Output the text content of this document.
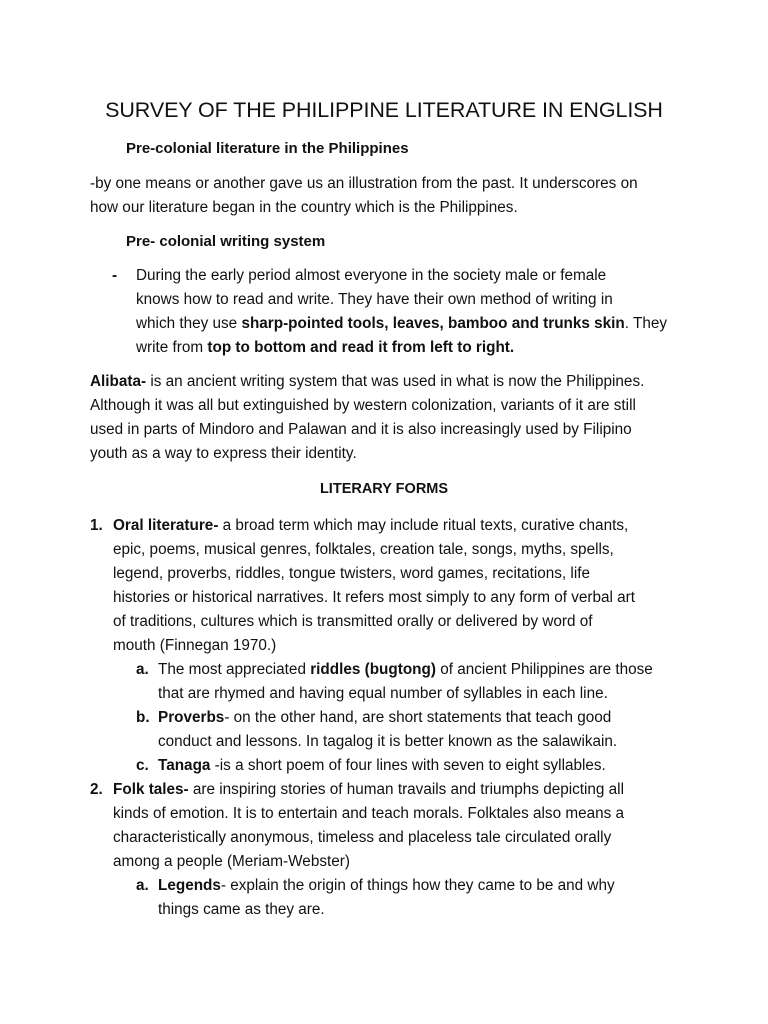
SURVEY OF THE PHILIPPINE LITERATURE IN ENGLISH
Pre-colonial literature in the Philippines
-by one means or another gave us an illustration from the past. It underscores on
how our literature began in the country which is the Philippines.
Pre- colonial writing system
- During the early period almost everyone in the society male or female
knows how to read and write. They have their own method of writing in
which they use sharp-pointed tools, leaves, bamboo and trunks skin. They
write from top to bottom and read it from left to right.
Alibata- is an ancient writing system that was used in what is now the Philippines.
Although it was all but extinguished by western colonization, variants of it are still
used in parts of Mindoro and Palawan and it is also increasingly used by Filipino
youth as a way to express their identity.
LITERARY FORMS
1. Oral literature- a broad term which may include ritual texts, curative chants,
epic, poems, musical genres, folktales, creation tale, songs, myths, spells,
legend, proverbs, riddles, tongue twisters, word games, recitations, life
histories or historical narratives. It refers most simply to any form of verbal art
of traditions, cultures which is transmitted orally or delivered by word of
mouth (Finnegan 1970.)
a. The most appreciated riddles (bugtong) of ancient Philippines are those
that are rhymed and having equal number of syllables in each line.
b. Proverbs- on the other hand, are short statements that teach good
conduct and lessons. In tagalog it is better known as the salawikain.
c. Tanaga -is a short poem of four lines with seven to eight syllables.
2. Folk tales- are inspiring stories of human travails and triumphs depicting all
kinds of emotion. It is to entertain and teach morals. Folktales also means a
characteristically anonymous, timeless and placeless tale circulated orally
among a people (Meriam-Webster)
a. Legends- explain the origin of things how they came to be and why
things came as they are.
